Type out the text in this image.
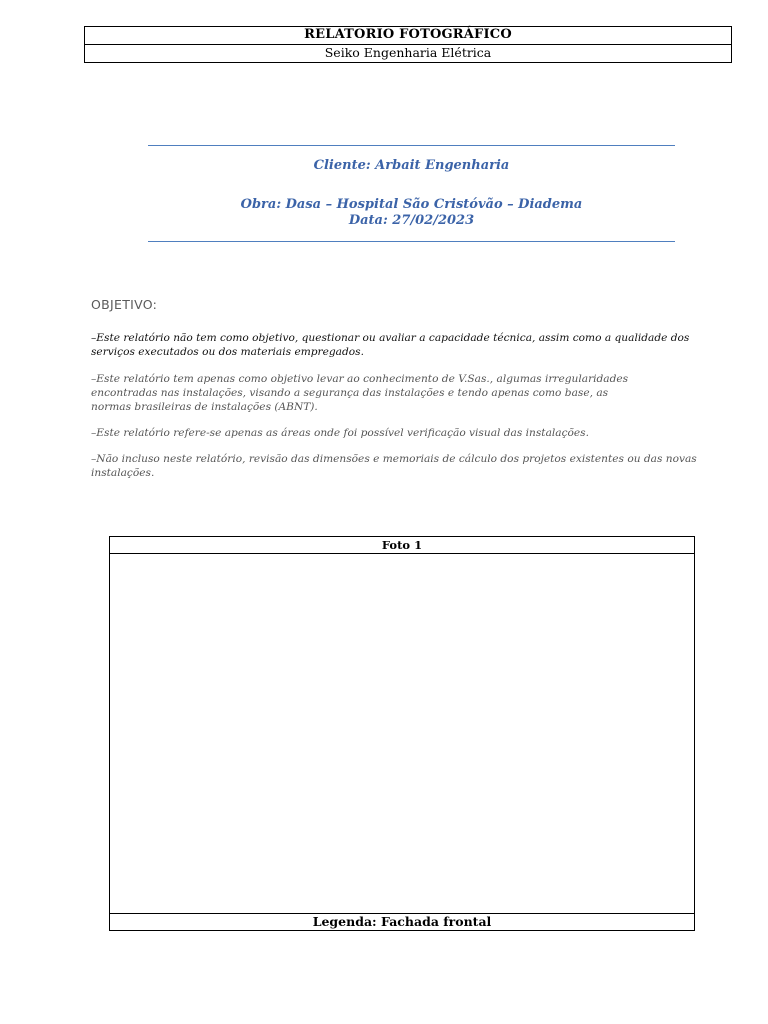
RELATORIO FOTOGRÁFICO
Seiko Engenharia Elétrica
Cliente: Arbait Engenharia
Obra: Dasa – Hospital São Cristóvão – Diadema
Data: 27/02/2023
OBJETIVO:
–Este relatório não tem como objetivo, questionar ou avaliar a capacidade técnica, assim como a qualidade dos serviços executados ou dos materiais empregados.
–Este relatório tem apenas como objetivo levar ao conhecimento de V.Sas., algumas irregularidades encontradas nas instalações, visando a segurança das instalações e tendo apenas como base, as normas brasileiras de instalações (ABNT).
–Este relatório refere-se apenas as áreas onde foi possível verificação visual das instalações.
–Não incluso neste relatório, revisão das dimensões e memoriais de cálculo dos projetos existentes ou das novas instalações.
Foto 1
Legenda: Fachada frontal
